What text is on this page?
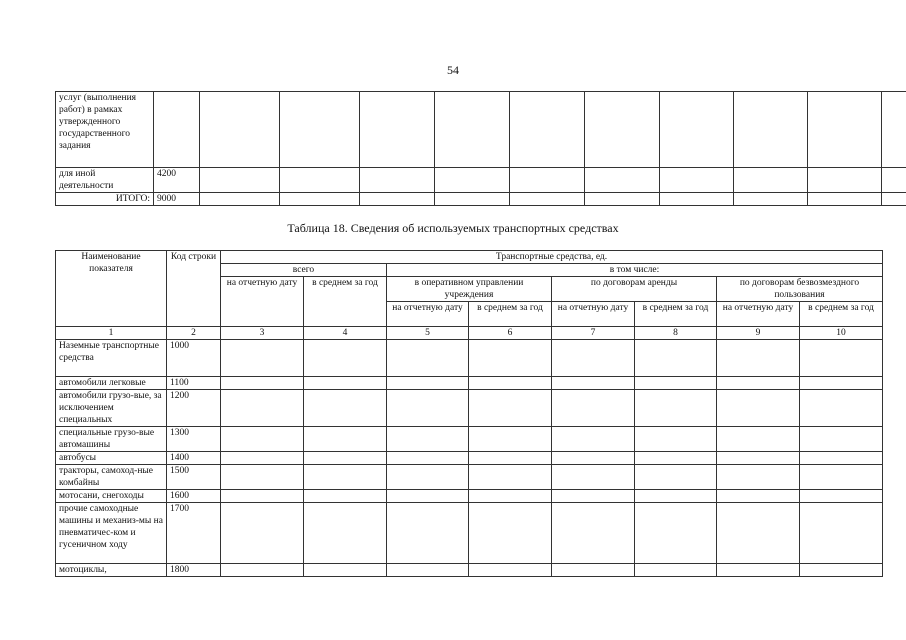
54
услуг (выполнения работ) в рамках утвержденного государственного задания											
для иной деятельности	4200										
ИТОГО:	9000										
Таблица 18. Сведения об используемых транспортных средствах
Наименование показателя	Код строки	Транспортные средства, ед.							
		всего		в том числе:					
		на отчетную дату	в среднем за год	в оперативном управлении учреждения		по договорам аренды		по договорам безвозмездного пользования	
				на отчетную дату	в среднем за год	на отчетную дату	в среднем за год	на отчетную дату	в среднем за год
1	2	3	4	5	6	7	8	9	10
Наземные транспортные средства	1000								
автомобили легковые	1100								
автомобили грузо-вые, за исключением специальных	1200								
специальные грузо-вые автомашины	1300								
автобусы	1400								
тракторы, самоход-ные комбайны	1500								
мотосани, снегоходы	1600								
прочие самоходные машины и механиз-мы на пневматичес-ком и гусеничном ходу	1700								
мотоциклы,	1800								
